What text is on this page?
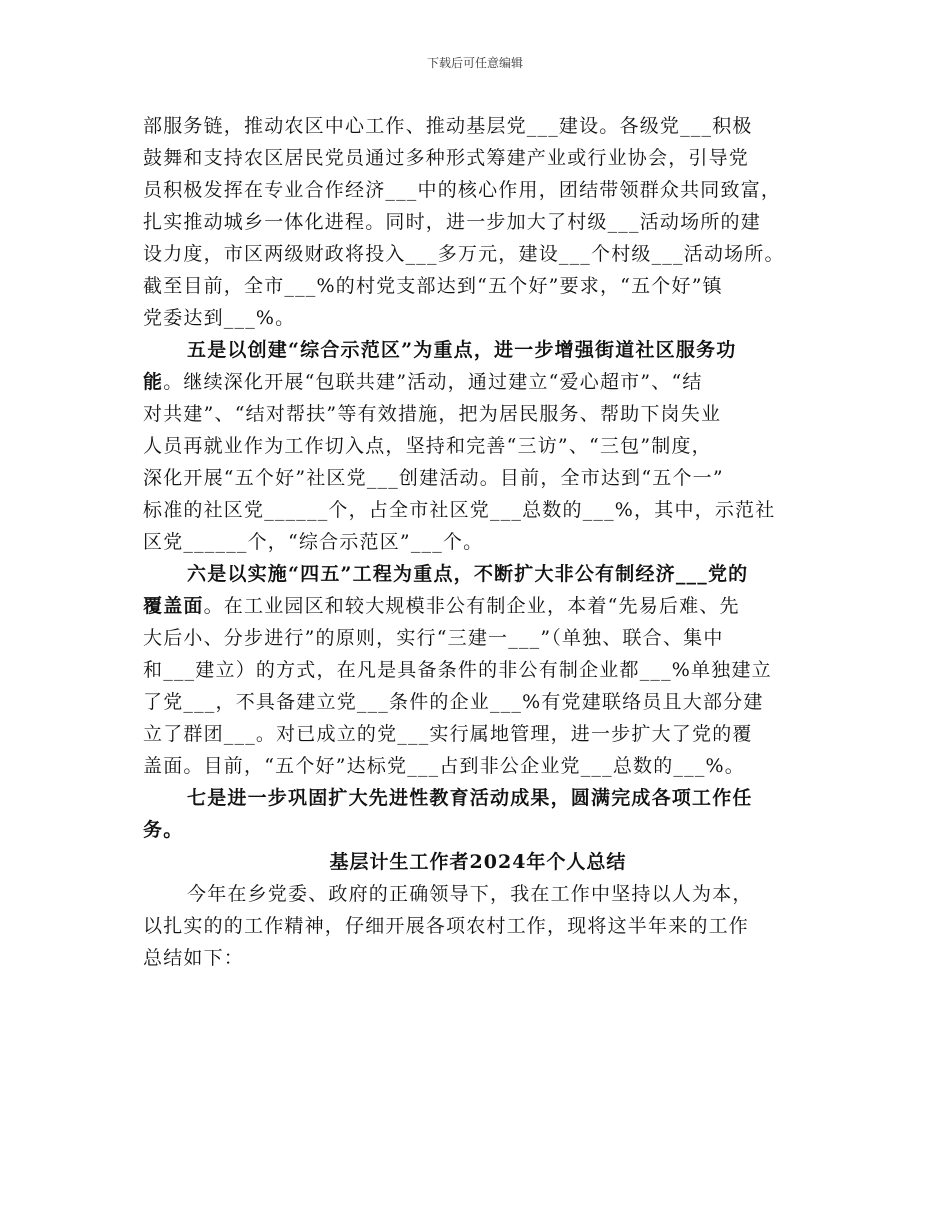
下载后可任意编辑
部服务链，推动农区中心工作、推动基层党___建设。各级党___积极
鼓舞和支持农区居民党员通过多种形式筹建产业或行业协会，引导党
员积极发挥在专业合作经济___中的核心作用，团结带领群众共同致富，
扎实推动城乡一体化进程。同时，进一步加大了村级___活动场所的建
设力度，市区两级财政将投入___多万元，建设___个村级___活动场所。
截至目前，全市___%的村党支部达到“五个好”要求，“五个好”镇
党委达到___%。
五是以创建“综合示范区”为重点，进一步增强街道社区服务功
能。继续深化开展“包联共建”活动，通过建立“爱心超市”、“结
对共建”、“结对帮扶”等有效措施，把为居民服务、帮助下岗失业
人员再就业作为工作切入点，坚持和完善“三访”、“三包”制度，
深化开展“五个好”社区党___创建活动。目前，全市达到“五个一”
标准的社区党______个，占全市社区党___总数的___%，其中，示范社
区党______个，“综合示范区”___个。
六是以实施“四五”工程为重点，不断扩大非公有制经济___党的
覆盖面。在工业园区和较大规模非公有制企业，本着“先易后难、先
大后小、分步进行”的原则，实行“三建一___”（单独、联合、集中
和___建立）的方式，在凡是具备条件的非公有制企业都___%单独建立
了党___，不具备建立党___条件的企业___%有党建联络员且大部分建
立了群团___。对已成立的党___实行属地管理，进一步扩大了党的覆
盖面。目前，“五个好”达标党___占到非公企业党___总数的___%。
七是进一步巩固扩大先进性教育活动成果，圆满完成各项工作任
务。
基层计生工作者2024年个人总结
今年在乡党委、政府的正确领导下，我在工作中坚持以人为本，
以扎实的的工作精神，仔细开展各项农村工作，现将这半年来的工作
总结如下：
